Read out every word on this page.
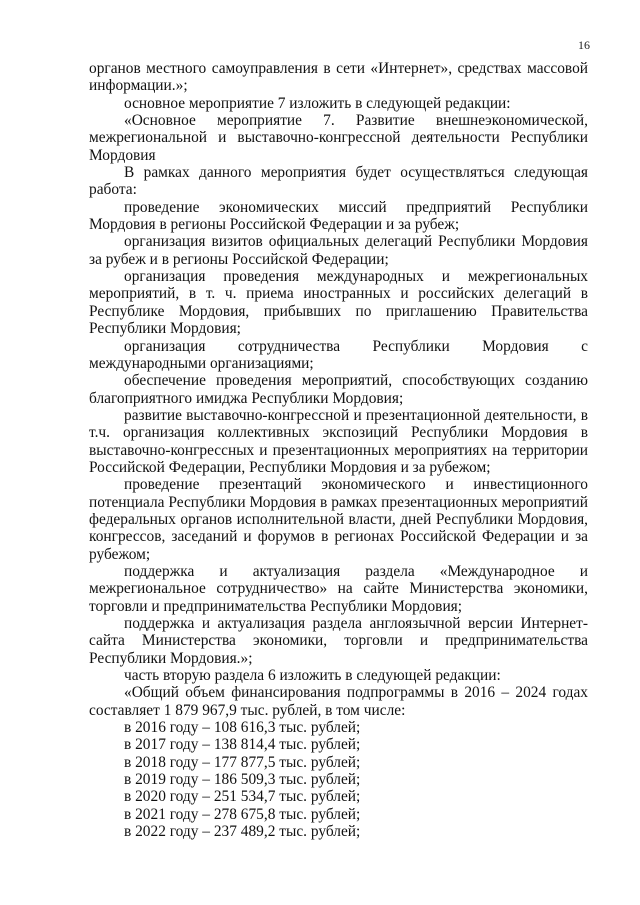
16

органов местного самоуправления в сети «Интернет», средствах массовой информации.»;

основное мероприятие 7 изложить в следующей редакции:

«Основное мероприятие 7. Развитие внешнеэкономической, межрегиональной и выставочно-конгрессной деятельности Республики Мордовия

В рамках данного мероприятия будет осуществляться следующая работа:

проведение экономических миссий предприятий Республики Мордовия в регионы Российской Федерации и за рубеж;

организация визитов официальных делегаций Республики Мордовия за рубеж и в регионы Российской Федерации;

организация проведения международных и межрегиональных мероприятий, в т. ч. приема иностранных и российских делегаций в Республике Мордовия, прибывших по приглашению Правительства Республики Мордовия;

организация сотрудничества Республики Мордовия с международными организациями;

обеспечение проведения мероприятий, способствующих созданию благоприятного имиджа Республики Мордовия;

развитие выставочно-конгрессной и презентационной деятельности, в т.ч. организация коллективных экспозиций Республики Мордовия в выставочно-конгрессных и презентационных мероприятиях на территории Российской Федерации, Республики Мордовия и за рубежом;

проведение презентаций экономического и инвестиционного потенциала Республики Мордовия в рамках презентационных мероприятий федеральных органов исполнительной власти, дней Республики Мордовия, конгрессов, заседаний и форумов в регионах Российской Федерации и за рубежом;

поддержка и актуализация раздела «Международное и межрегиональное сотрудничество» на сайте Министерства экономики, торговли и предпринимательства Республики Мордовия;

поддержка и актуализация раздела англоязычной версии Интернет-сайта Министерства экономики, торговли и предпринимательства Республики Мордовия.»;

часть вторую раздела 6 изложить в следующей редакции:

«Общий объем финансирования подпрограммы в 2016 – 2024 годах составляет 1 879 967,9 тыс. рублей, в том числе:

в 2016 году – 108 616,3 тыс. рублей;

в 2017 году – 138 814,4 тыс. рублей;

в 2018 году – 177 877,5 тыс. рублей;

в 2019 году – 186 509,3 тыс. рублей;

в 2020 году – 251 534,7 тыс. рублей;

в 2021 году – 278 675,8 тыс. рублей;

в 2022 году – 237 489,2 тыс. рублей;
